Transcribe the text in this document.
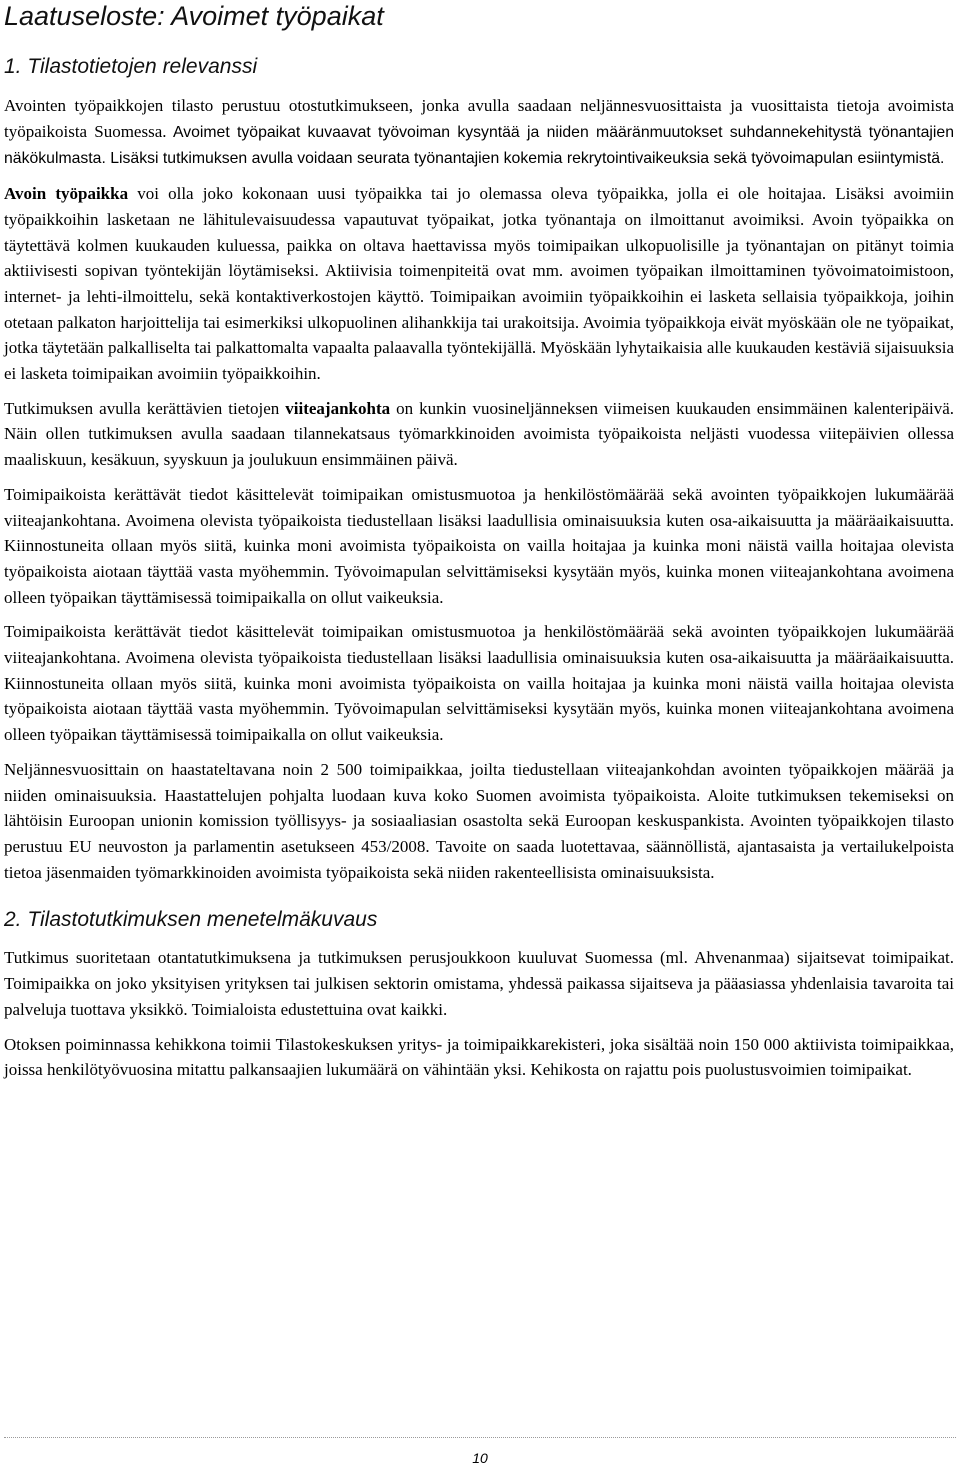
Laatuseloste: Avoimet työpaikat
1. Tilastotietojen relevanssi

Avointen työpaikkojen tilasto perustuu otostutkimukseen, jonka avulla saadaan neljännesvuosittaista ja vuosittaista tietoja avoimista työpaikoista Suomessa. Avoimet työpaikat kuvaavat työvoiman kysyntää ja niiden määränmuutokset suhdannekehitystä työnantajien näkökulmasta. Lisäksi tutkimuksen avulla voidaan seurata työnantajien kokemia rekrytointivaikeuksia sekä työvoimapulan esiintymistä.

Avoin työpaikka voi olla joko kokonaan uusi työpaikka tai jo olemassa oleva työpaikka, jolla ei ole hoitajaa. Lisäksi avoimiin työpaikkoihin lasketaan ne lähitulevaisuudessa vapautuvat työpaikat, jotka työnantaja on ilmoittanut avoimiksi. Avoin työpaikka on täytettävä kolmen kuukauden kuluessa, paikka on oltava haettavissa myös toimipaikan ulkopuolisille ja työnantajan on pitänyt toimia aktiivisesti sopivan työntekijän löytämiseksi. Aktiivisia toimenpiteitä ovat mm. avoimen työpaikan ilmoittaminen työvoimatoimistoon, internet- ja lehti-ilmoittelu, sekä kontaktiverkostojen käyttö. Toimipaikan avoimiin työpaikkoihin ei lasketa sellaisia työpaikkoja, joihin otetaan palkaton harjoittelija tai esimerkiksi ulkopuolinen alihankkija tai urakoitsija. Avoimia työpaikkoja eivät myöskään ole ne työpaikat, jotka täytetään palkalliselta tai palkattomalta vapaalta palaavalla työntekijällä. Myöskään lyhytaikaisia alle kuukauden kestäviä sijaisuuksia ei lasketa toimipaikan avoimiin työpaikkoihin.

Tutkimuksen avulla kerättävien tietojen viiteajankohta on kunkin vuosineljänneksen viimeisen kuukauden ensimmäinen kalenteripäivä. Näin ollen tutkimuksen avulla saadaan tilannekatsaus työmarkkinoiden avoimista työpaikoista neljästi vuodessa viitepäivien ollessa maaliskuun, kesäkuun, syyskuun ja joulukuun ensimmäinen päivä.

Toimipaikoista kerättävät tiedot käsittelevät toimipaikan omistusmuotoa ja henkilöstömäärää sekä avointen työpaikkojen lukumäärää viiteajankohtana. Avoimena olevista työpaikoista tiedustellaan lisäksi laadullisia ominaisuuksia kuten osa-aikaisuutta ja määräaikaisuutta. Kiinnostuneita ollaan myös siitä, kuinka moni avoimista työpaikoista on vailla hoitajaa ja kuinka moni näistä vailla hoitajaa olevista työpaikoista aiotaan täyttää vasta myöhemmin. Työvoimapulan selvittämiseksi kysytään myös, kuinka monen viiteajankohtana avoimena olleen työpaikan täyttämisessä toimipaikalla on ollut vaikeuksia.

Toimipaikoista kerättävät tiedot käsittelevät toimipaikan omistusmuotoa ja henkilöstömäärää sekä avointen työpaikkojen lukumäärää viiteajankohtana. Avoimena olevista työpaikoista tiedustellaan lisäksi laadullisia ominaisuuksia kuten osa-aikaisuutta ja määräaikaisuutta. Kiinnostuneita ollaan myös siitä, kuinka moni avoimista työpaikoista on vailla hoitajaa ja kuinka moni näistä vailla hoitajaa olevista työpaikoista aiotaan täyttää vasta myöhemmin. Työvoimapulan selvittämiseksi kysytään myös, kuinka monen viiteajankohtana avoimena olleen työpaikan täyttämisessä toimipaikalla on ollut vaikeuksia.

Neljännesvuosittain on haastateltavana noin 2 500 toimipaikkaa, joilta tiedustellaan viiteajankohdan avointen työpaikkojen määrää ja niiden ominaisuuksia. Haastattelujen pohjalta luodaan kuva koko Suomen avoimista työpaikoista. Aloite tutkimuksen tekemiseksi on lähtöisin Euroopan unionin komission työllisyys- ja sosiaaliasian osastolta sekä Euroopan keskuspankista. Avointen työpaikkojen tilasto perustuu EU neuvoston ja parlamentin asetukseen 453/2008. Tavoite on saada luotettavaa, säännöllistä, ajantasaista ja vertailukelpoista tietoa jäsenmaiden työmarkkinoiden avoimista työpaikoista sekä niiden rakenteellisista ominaisuuksista.

2. Tilastotutkimuksen menetelmäkuvaus

Tutkimus suoritetaan otantatutkimuksena ja tutkimuksen perusjoukkoon kuuluvat Suomessa (ml. Ahvenanmaa) sijaitsevat toimipaikat. Toimipaikka on joko yksityisen yrityksen tai julkisen sektorin omistama, yhdessä paikassa sijaitseva ja pääasiassa yhdenlaisia tavaroita tai palveluja tuottava yksikkö. Toimialoista edustettuina ovat kaikki.

Otoksen poiminnassa kehikkona toimii Tilastokeskuksen yritys- ja toimipaikkarekisteri, joka sisältää noin 150 000 aktiivista toimipaikkaa, joissa henkilötyövuosina mitattu palkansaajien lukumäärä on vähintään yksi. Kehikosta on rajattu pois puolustusvoimien toimipaikat.

10
